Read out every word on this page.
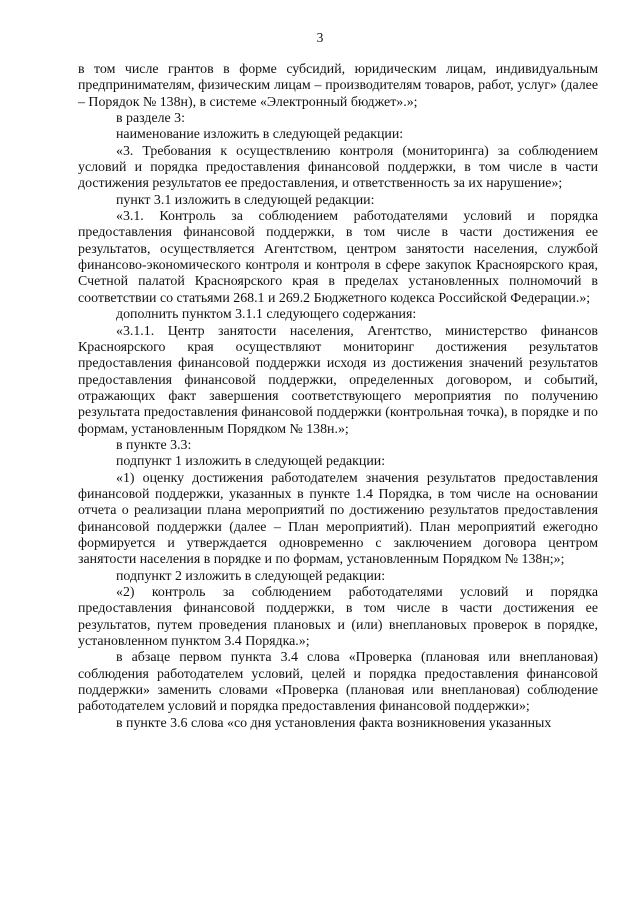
3

в том числе грантов в форме субсидий, юридическим лицам, индивидуальным предпринимателям, физическим лицам – производителям товаров, работ, услуг» (далее – Порядок № 138н), в системе «Электронный бюджет».»;

в разделе 3:

наименование изложить в следующей редакции:

«3. Требования к осуществлению контроля (мониторинга) за соблюдением условий и порядка предоставления финансовой поддержки, в том числе в части достижения результатов ее предоставления, и ответственность за их нарушение»;

пункт 3.1 изложить в следующей редакции:

«3.1. Контроль за соблюдением работодателями условий и порядка предоставления финансовой поддержки, в том числе в части достижения ее результатов, осуществляется Агентством, центром занятости населения, службой финансово-экономического контроля и контроля в сфере закупок Красноярского края, Счетной палатой Красноярского края в пределах установленных полномочий в соответствии со статьями 268.1 и 269.2 Бюджетного кодекса Российской Федерации.»;

дополнить пунктом 3.1.1 следующего содержания:

«3.1.1. Центр занятости населения, Агентство, министерство финансов Красноярского края осуществляют мониторинг достижения результатов предоставления финансовой поддержки исходя из достижения значений результатов предоставления финансовой поддержки, определенных договором, и событий, отражающих факт завершения соответствующего мероприятия по получению результата предоставления финансовой поддержки (контрольная точка), в порядке и по формам, установленным Порядком № 138н.»;

в пункте 3.3:

подпункт 1 изложить в следующей редакции:

«1) оценку достижения работодателем значения результатов предоставления финансовой поддержки, указанных в пункте 1.4 Порядка, в том числе на основании отчета о реализации плана мероприятий по достижению результатов предоставления финансовой поддержки (далее – План мероприятий). План мероприятий ежегодно формируется и утверждается одновременно с заключением договора центром занятости населения в порядке и по формам, установленным Порядком № 138н;»;

подпункт 2 изложить в следующей редакции:

«2) контроль за соблюдением работодателями условий и порядка предоставления финансовой поддержки, в том числе в части достижения ее результатов, путем проведения плановых и (или) внеплановых проверок в порядке, установленном пунктом 3.4 Порядка.»;

в абзаце первом пункта 3.4 слова «Проверка (плановая или внеплановая) соблюдения работодателем условий, целей и порядка предоставления финансовой поддержки» заменить словами «Проверка (плановая или внеплановая) соблюдение работодателем условий и порядка предоставления финансовой поддержки»;

в пункте 3.6 слова «со дня установления факта возникновения указанных
